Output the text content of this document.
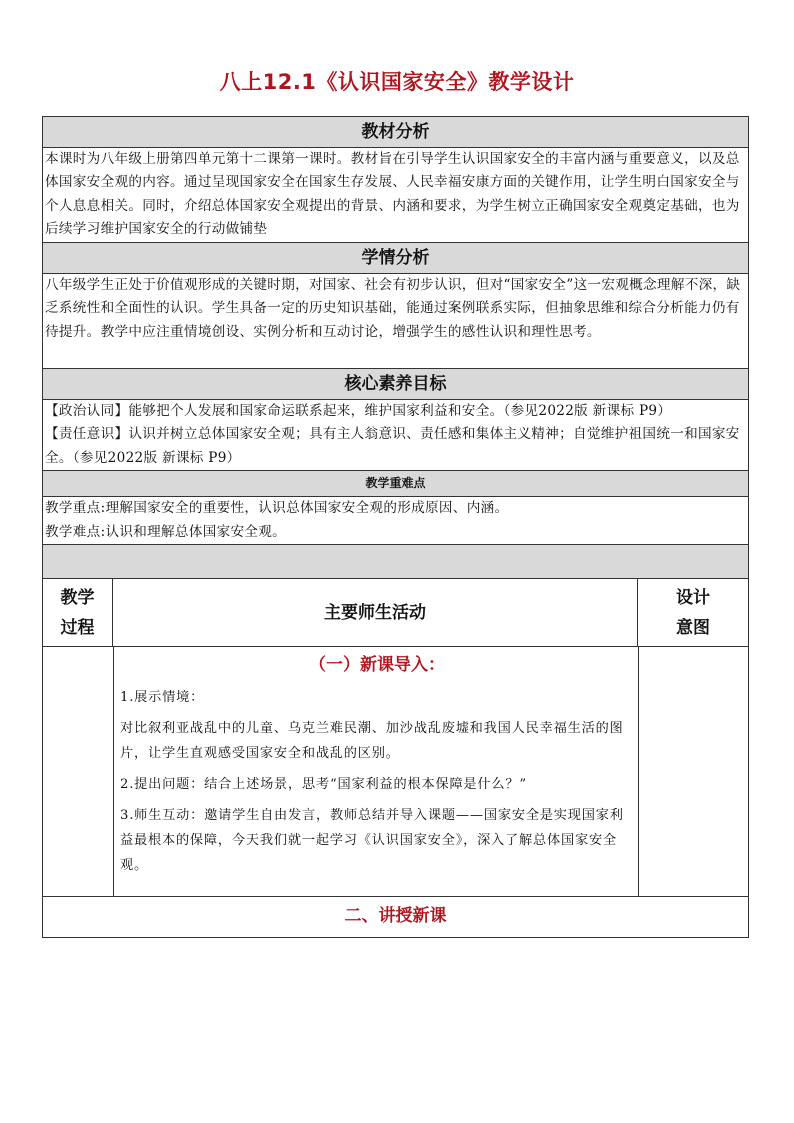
八上12.1《认识国家安全》教学设计
教材分析
本课时为八年级上册第四单元第十二课第一课时。教材旨在引导学生认识国家安全的丰富内涵与重要意义，以及总体国家安全观的内容。通过呈现国家安全在国家生存发展、人民幸福安康方面的关键作用，让学生明白国家安全与个人息息相关。同时，介绍总体国家安全观提出的背景、内涵和要求，为学生树立正确国家安全观奠定基础，也为后续学习维护国家安全的行动做铺垫
学情分析
八年级学生正处于价值观形成的关键时期，对国家、社会有初步认识，但对“国家安全”这一宏观概念理解不深，缺乏系统性和全面性的认识。学生具备一定的历史知识基础，能通过案例联系实际，但抽象思维和综合分析能力仍有待提升。教学中应注重情境创设、实例分析和互动讨论，增强学生的感性认识和理性思考。
核心素养目标
【政治认同】能够把个人发展和国家命运联系起来，维护国家利益和安全。（参见2022版 新课标 P9）
【责任意识】认识并树立总体国家安全观；具有主人翁意识、责任感和集体主义精神；自觉维护祖国统一和国家安全。（参见2022版 新课标 P9）
教学重难点
教学重点:理解国家安全的重要性，认识总体国家安全观的形成原因、内涵。
教学难点:认识和理解总体国家安全观。
教学过程
主要师生活动
设计意图
（一）新课导入：

1.展示情境：

对比叙利亚战乱中的儿童、乌克兰难民潮、加沙战乱废墟和我国人民幸福生活的图片，让学生直观感受国家安全和战乱的区别。

2.提出问题：结合上述场景，思考“国家利益的根本保障是什么？”

3.师生互动：邀请学生自由发言，教师总结并导入课题——国家安全是实现国家利益最根本的保障，今天我们就一起学习《认识国家安全》，深入了解总体国家安全观。

二、讲授新课
